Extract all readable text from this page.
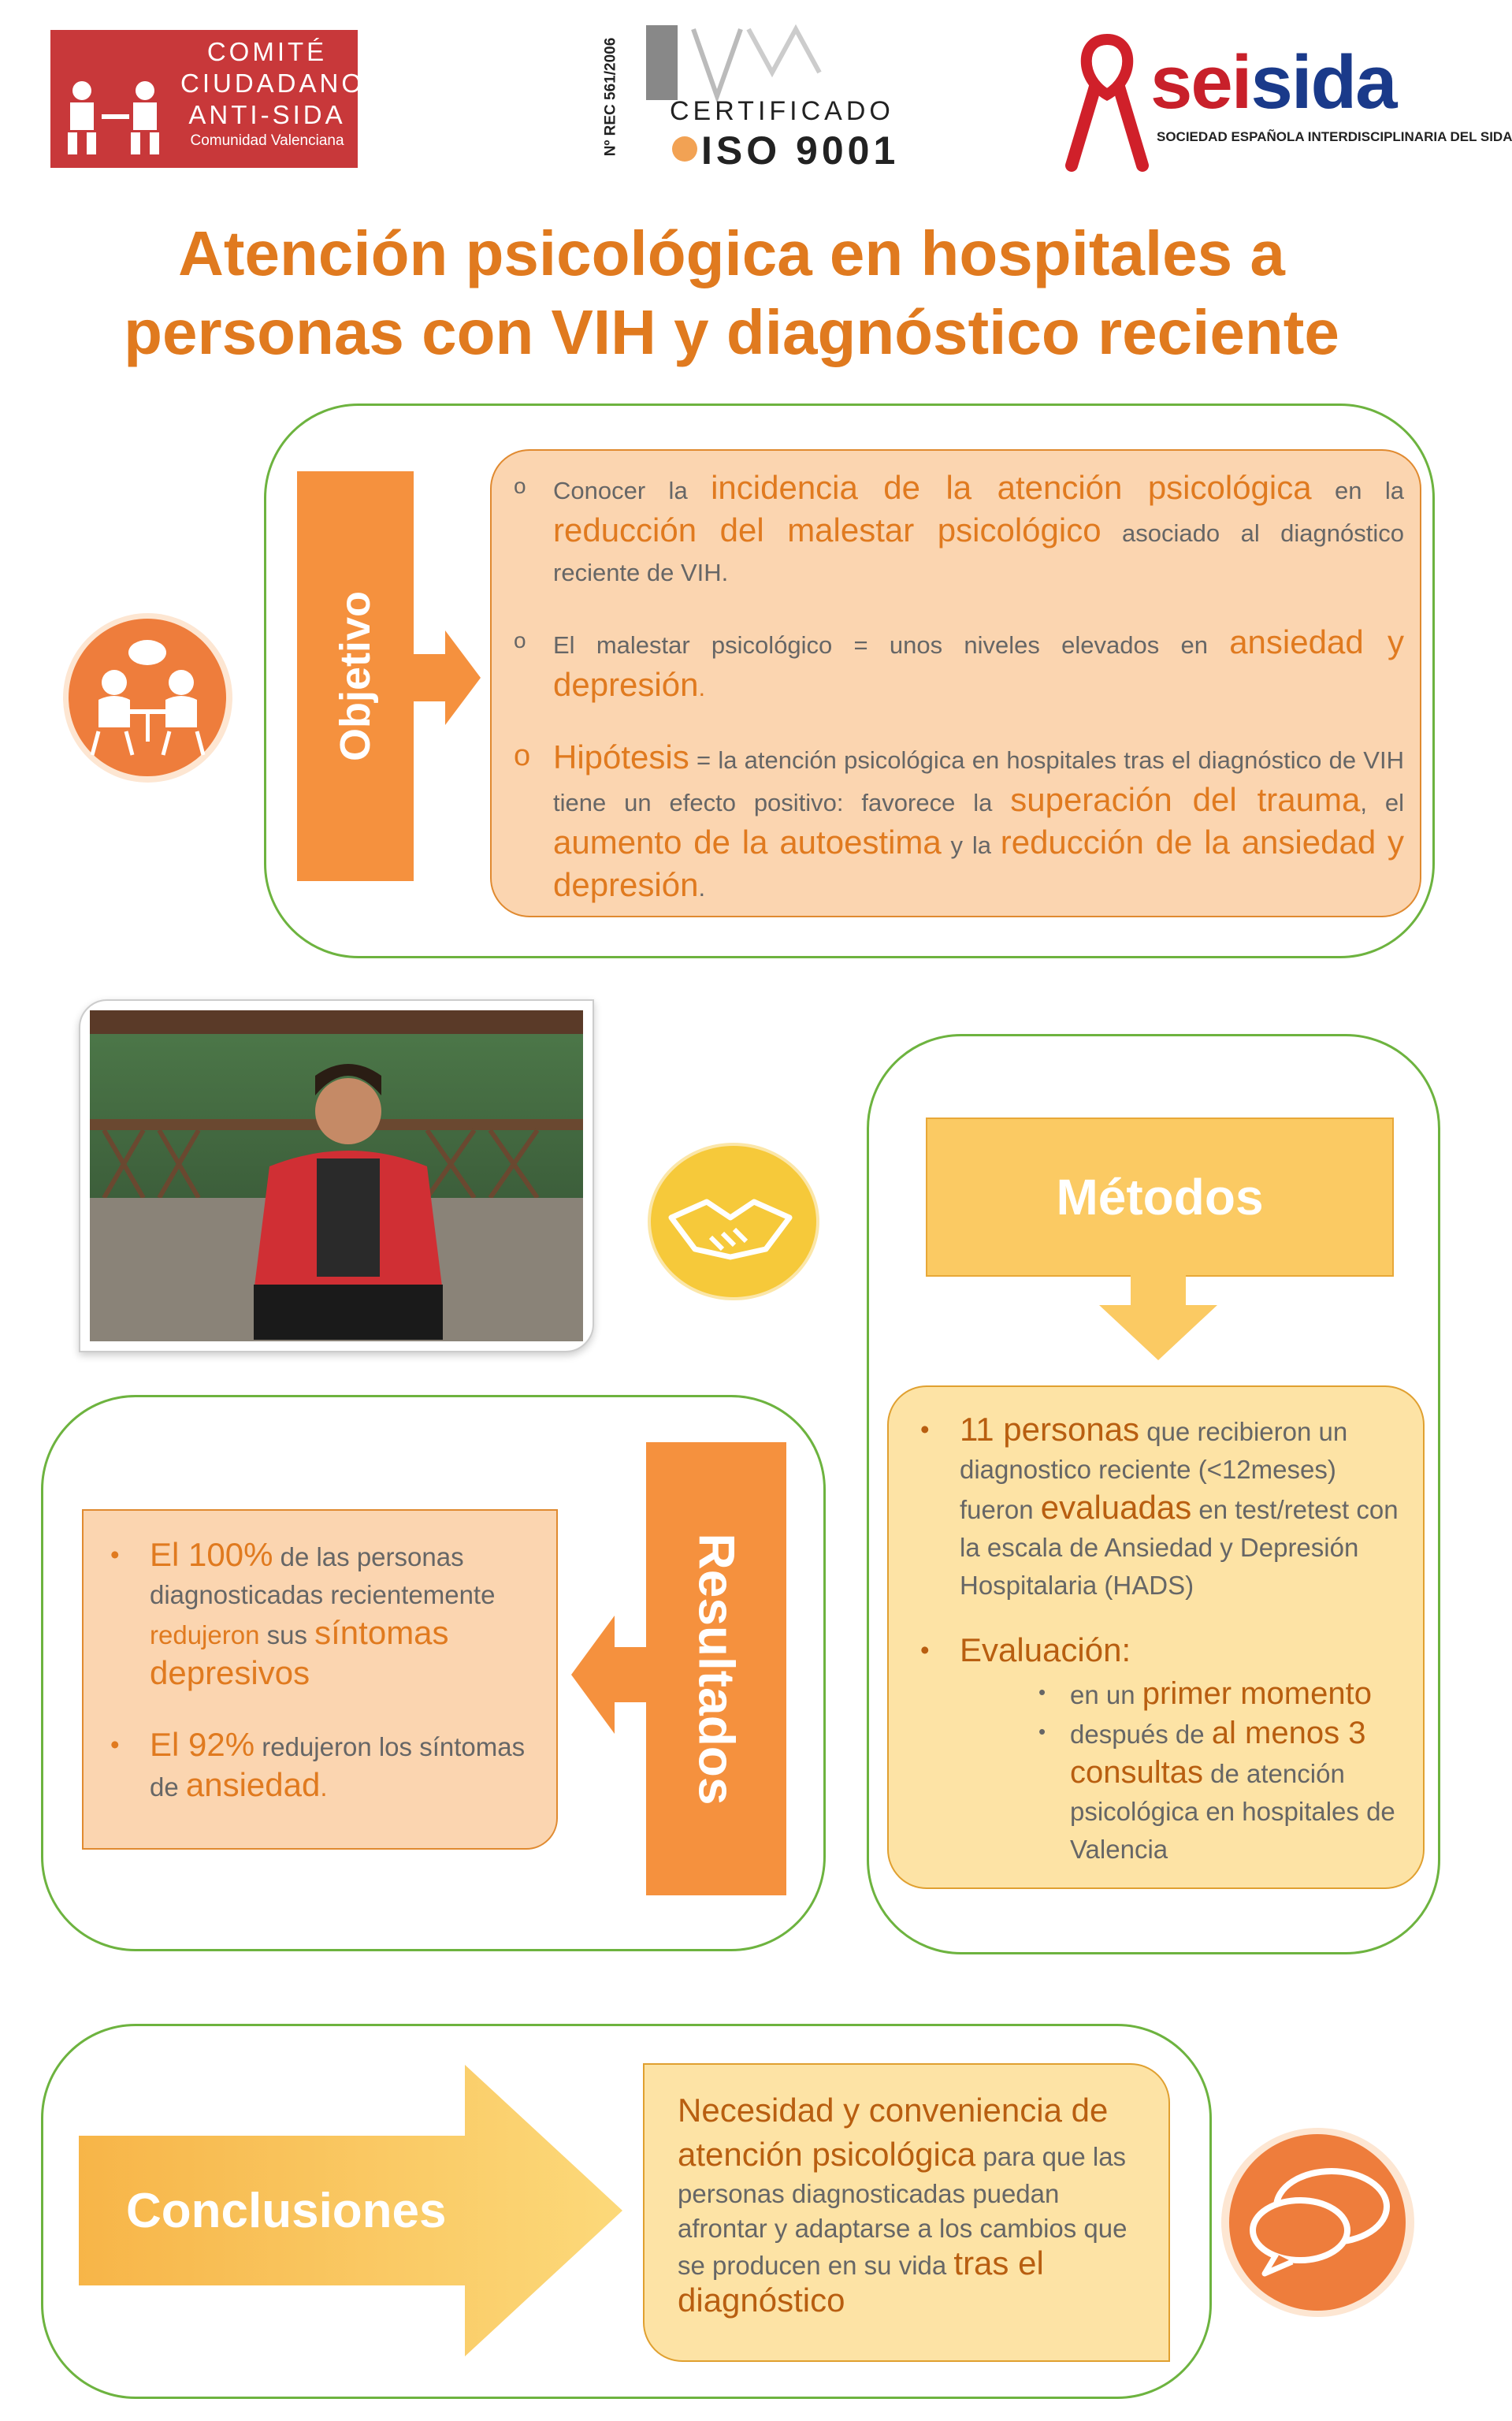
COMITÉ
CIUDADANO
ANTI-SIDA
Comunidad Valenciana	Nº REC 561/2006 CERTIFICADO
ISO 9001
seisida
SOCIEDAD ESPAÑOLA INTERDISCIPLINARIA DEL SIDA
Atención psicológica en hospitales a
personas con VIH y diagnóstico reciente
Objetivo
o Conocer la incidencia de la atención psicológica en la reducción del malestar psicológico asociado al diagnóstico reciente de VIH.
o El malestar psicológico = unos niveles elevados en ansiedad y depresión.
o Hipótesis = la atención psicológica en hospitales tras el diagnóstico de VIH tiene un efecto positivo: favorece la superación del trauma, el aumento de la autoestima y la reducción de la ansiedad y depresión.
Métodos
• 11 personas que recibieron un diagnostico reciente (<12meses) fueron evaluadas en test/retest con la escala de Ansiedad y Depresión Hospitalaria (HADS)
• Evaluación:
• en un primer momento
• después de al menos 3 consultas de atención psicológica en hospitales de Valencia
• El 100% de las personas diagnosticadas recientemente redujeron sus síntomas depresivos
• El 92% redujeron los síntomas de ansiedad.	Resultados
Conclusiones
Necesidad y conveniencia de atención psicológica para que las personas diagnosticadas puedan afrontar y adaptarse a los cambios que se producen en su vida tras el diagnóstico
